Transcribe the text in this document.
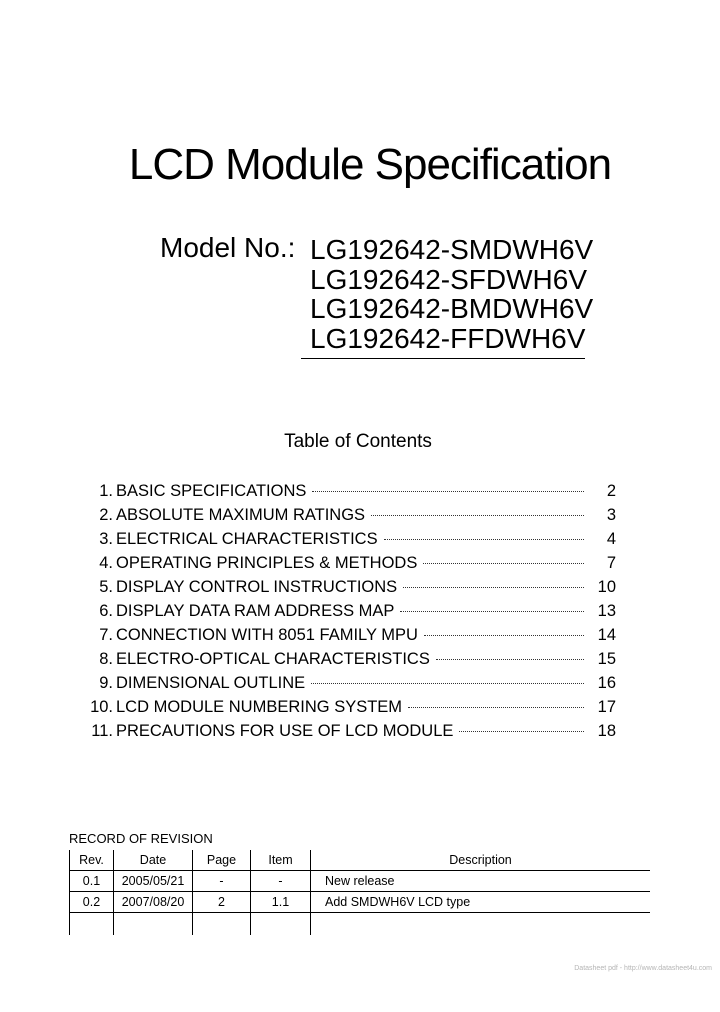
LCD Module Specification
Model No.: LG192642-SMDWH6V
LG192642-SFDWH6V
LG192642-BMDWH6V
LG192642-FFDWH6V
Table of Contents
1. BASIC SPECIFICATIONS	2
2. ABSOLUTE MAXIMUM RATINGS	3
3. ELECTRICAL CHARACTERISTICS	4
4. OPERATING PRINCIPLES & METHODS	7
5. DISPLAY CONTROL INSTRUCTIONS	10
6. DISPLAY DATA RAM ADDRESS MAP	13
7. CONNECTION WITH 8051 FAMILY MPU	14
8. ELECTRO-OPTICAL CHARACTERISTICS	15
9. DIMENSIONAL OUTLINE	16
10. LCD MODULE NUMBERING SYSTEM	17
11. PRECAUTIONS FOR USE OF LCD MODULE	18
RECORD OF REVISION
Rev.	Date	Page	Item	Description
0.1	2005/05/21	-	-	New release
0.2	2007/08/20	2	1.1	Add SMDWH6V LCD type

Datasheet pdf - http://www.datasheet4u.com
